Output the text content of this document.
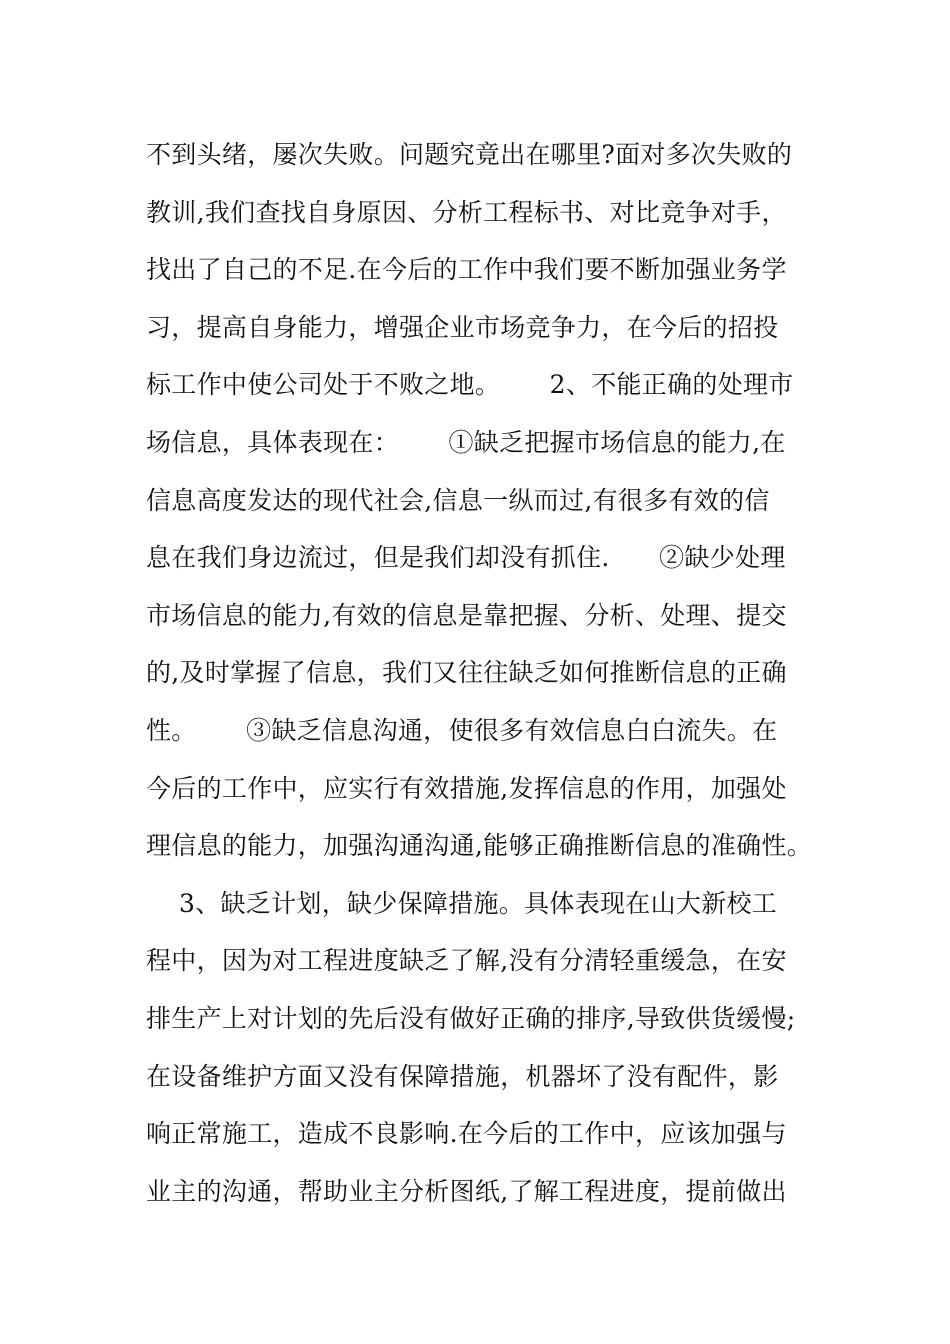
不到头绪，屡次失败。问题究竟出在哪里?面对多次失败的
教训,我们查找自身原因、分析工程标书、对比竞争对手，
找出了自己的不足.在今后的工作中我们要不断加强业务学
习，提高自身能力，增强企业市场竞争力，在今后的招投
标工作中使公司处于不败之地。      2、不能正确的处理市
场信息，具体表现在：      ①缺乏把握市场信息的能力,在
信息高度发达的现代社会,信息一纵而过,有很多有效的信
息在我们身边流过，但是我们却没有抓住.      ②缺少处理
市场信息的能力,有效的信息是靠把握、分析、处理、提交
的,及时掌握了信息，我们又往往缺乏如何推断信息的正确
性。      ③缺乏信息沟通，使很多有效信息白白流失。在
今后的工作中，应实行有效措施,发挥信息的作用，加强处
理信息的能力，加强沟通沟通,能够正确推断信息的准确性。
3、缺乏计划，缺少保障措施。具体表现在山大新校工
程中，因为对工程进度缺乏了解,没有分清轻重缓急，在安
排生产上对计划的先后没有做好正确的排序,导致供货缓慢;
在设备维护方面又没有保障措施，机器坏了没有配件，影
响正常施工，造成不良影响.在今后的工作中，应该加强与
业主的沟通，帮助业主分析图纸,了解工程进度，提前做出
